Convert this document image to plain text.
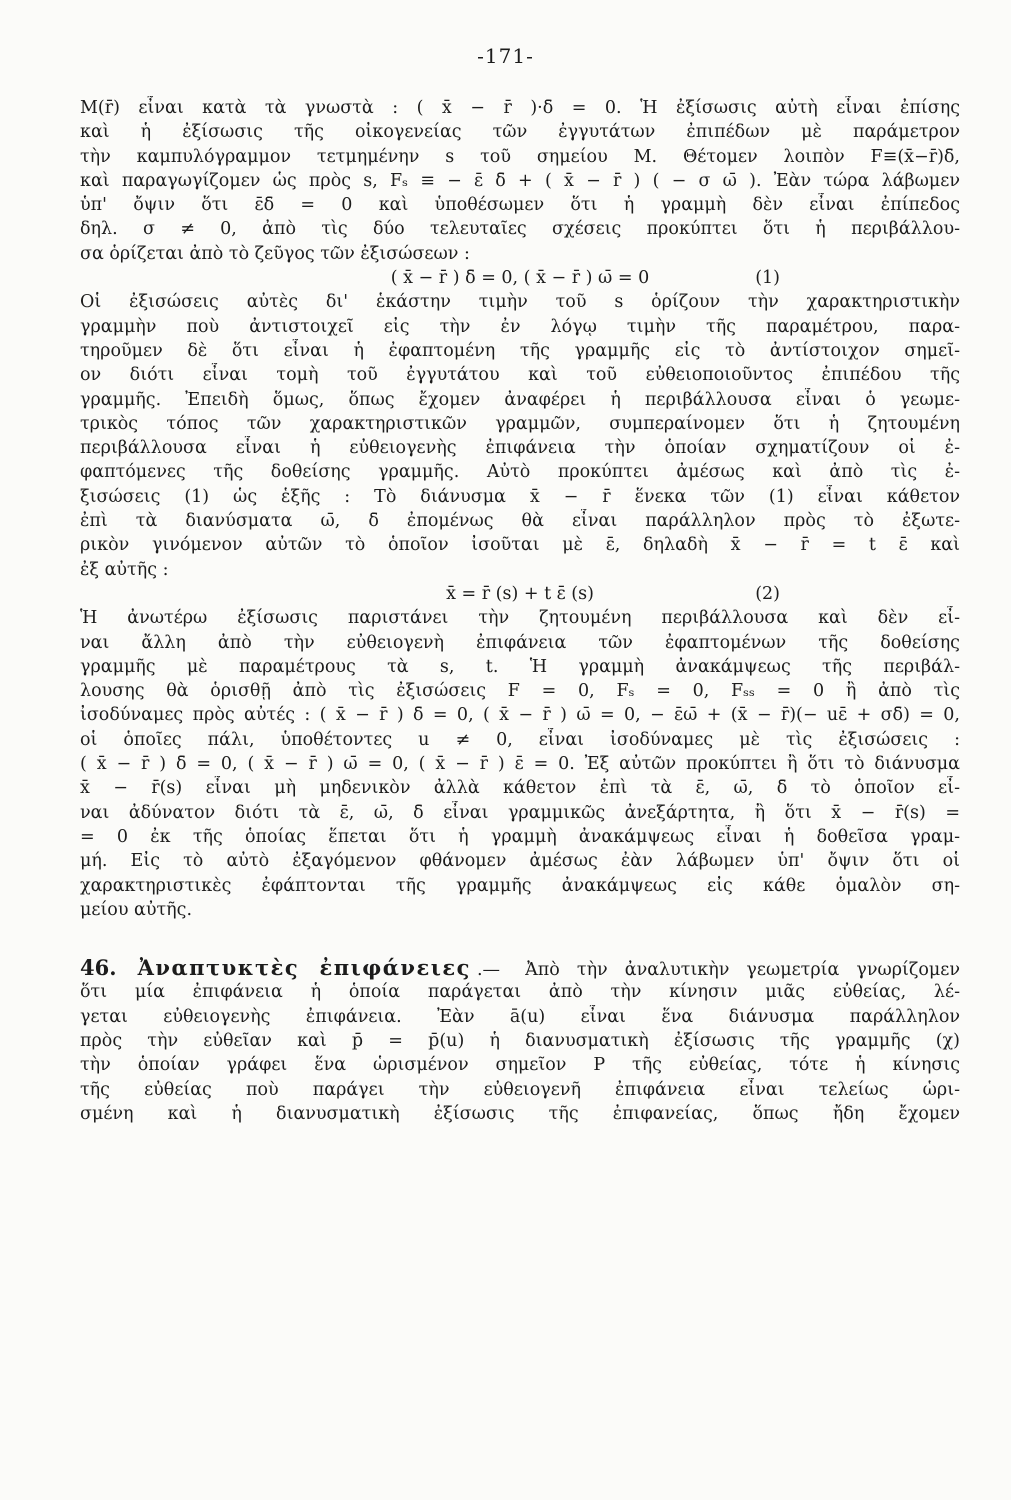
-171-
Μ(r̄) εἶναι κατὰ τὰ γνωστὰ : ( x̄ − r̄ )·δ̄ = 0. Ἡ ἐξίσωσις αὐτὴ εἶναι ἐπίσης
καὶ ἡ ἐξίσωσις τῆς οἰκογενείας τῶν ἐγγυτάτων ἐπιπέδων μὲ παράμετρον
τὴν καμπυλόγραμμον τετμημένην s τοῦ σημείου Μ. Θέτομεν λοιπὸν F≡(x̄−r̄)δ̄,
καὶ παραγωγίζομεν ὡς πρὸς s, Fₛ ≡ − ε̄ δ̄ + ( x̄ − r̄ ) ( − σ ω̄ ). Ἐὰν τώρα λάβωμεν
ὑπ' ὄψιν ὅτι ε̄δ̄ = 0 καὶ ὑποθέσωμεν ὅτι ἡ γραμμὴ δὲν εἶναι ἐπίπεδος
δηλ. σ ≠ 0, ἀπὸ τὶς δύο τελευταῖες σχέσεις προκύπτει ὅτι ἡ περιβάλλου-
σα ὁρίζεται ἀπὸ τὸ ζεῦγος τῶν ἐξισώσεων :
( x̄ − r̄ ) δ̄ = 0, ( x̄ − r̄ ) ω̄ = 0	(1)
Οἱ ἐξισώσεις αὐτὲς δι' ἑκάστην τιμὴν τοῦ s ὁρίζουν τὴν χαρακτηριστικὴν
γραμμὴν ποὺ ἀντιστοιχεῖ εἰς τὴν ἐν λόγῳ τιμὴν τῆς παραμέτρου, παρα-
τηροῦμεν δὲ ὅτι εἶναι ἡ ἐφαπτομένη τῆς γραμμῆς εἰς τὸ ἀντίστοιχον σημεῖ-
ον διότι εἶναι τομὴ τοῦ ἐγγυτάτου καὶ τοῦ εὐθειοποιοῦντος ἐπιπέδου τῆς
γραμμῆς. Ἐπειδὴ ὅμως, ὅπως ἔχομεν ἀναφέρει ἡ περιβάλλουσα εἶναι ὁ γεωμε-
τρικὸς τόπος τῶν χαρακτηριστικῶν γραμμῶν, συμπεραίνομεν ὅτι ἡ ζητουμένη
περιβάλλουσα εἶναι ἡ εὐθειογενὴς ἐπιφάνεια τὴν ὁποίαν σχηματίζουν οἱ ἐ-
φαπτόμενες τῆς δοθείσης γραμμῆς. Αὐτὸ προκύπτει ἀμέσως καὶ ἀπὸ τὶς ἐ-
ξισώσεις (1) ὡς ἑξῆς : Τὸ διάνυσμα x̄ − r̄ ἕνεκα τῶν (1) εἶναι κάθετον
ἐπὶ τὰ διανύσματα ω̄, δ̄ ἐπομένως θὰ εἶναι παράλληλον πρὸς τὸ ἐξωτε-
ρικὸν γινόμενον αὐτῶν τὸ ὁποῖον ἰσοῦται μὲ ε̄, δηλαδὴ x̄ − r̄ = t ε̄ καὶ
ἐξ αὐτῆς :
x̄ = r̄ (s) + t ε̄ (s)	(2)
Ἡ ἀνωτέρω ἐξίσωσις παριστάνει τὴν ζητουμένη περιβάλλουσα καὶ δὲν εἶ-
ναι ἄλλη ἀπὸ τὴν εὐθειογενὴ ἐπιφάνεια τῶν ἐφαπτομένων τῆς δοθείσης
γραμμῆς μὲ παραμέτρους τὰ s, t. Ἡ γραμμὴ ἀνακάμψεως τῆς περιβάλ-
λουσης θὰ ὁρισθῇ ἀπὸ τὶς ἐξισώσεις F = 0, Fₛ = 0, Fₛₛ = 0 ἢ ἀπὸ τὶς
ἰσοδύναμες πρὸς αὐτές : ( x̄ − r̄ ) δ̄ = 0, ( x̄ − r̄ ) ω̄ = 0, − ε̄ω̄ + (x̄ − r̄)(− uε̄ + σδ̄) = 0,
οἱ ὁποῖες πάλι, ὑποθέτοντες u ≠ 0, εἶναι ἰσοδύναμες μὲ τὶς ἐξισώσεις :
( x̄ − r̄ ) δ̄ = 0, ( x̄ − r̄ ) ω̄ = 0, ( x̄ − r̄ ) ε̄ = 0. Ἐξ αὐτῶν προκύπτει ἢ ὅτι τὸ διάνυσμα
x̄ − r̄(s) εἶναι μὴ μηδενικὸν ἀλλὰ κάθετον ἐπὶ τὰ ε̄, ω̄, δ̄ τὸ ὁποῖον εἶ-
ναι ἀδύνατον διότι τὰ ε̄, ω̄, δ̄ εἶναι γραμμικῶς ἀνεξάρτητα, ἢ ὅτι x̄ − r̄(s) =
= 0 ἐκ τῆς ὁποίας ἕπεται ὅτι ἡ γραμμὴ ἀνακάμψεως εἶναι ἡ δοθεῖσα γραμ-
μή. Εἰς τὸ αὐτὸ ἐξαγόμενον φθάνομεν ἀμέσως ἐὰν λάβωμεν ὑπ' ὄψιν ὅτι οἱ
χαρακτηριστικὲς ἐφάπτονται τῆς γραμμῆς ἀνακάμψεως εἰς κάθε ὁμαλὸν ση-
μείου αὐτῆς.
46. Ἀναπτυκτὲς ἐπιφάνειες .— Ἀπὸ τὴν ἀναλυτικὴν γεωμετρία γνωρίζομεν
ὅτι μία ἐπιφάνεια ἡ ὁποία παράγεται ἀπὸ τὴν κίνησιν μιᾶς εὐθείας, λέ-
γεται εὐθειογενὴς ἐπιφάνεια. Ἐὰν ā(u) εἶναι ἕνα διάνυσμα παράλληλον
πρὸς τὴν εὐθεῖαν καὶ p̄ = p̄(u) ἡ διανυσματικὴ ἐξίσωσις τῆς γραμμῆς (χ)
τὴν ὁποίαν γράφει ἕνα ὡρισμένον σημεῖον P τῆς εὐθείας, τότε ἡ κίνησις
τῆς εὐθείας ποὺ παράγει τὴν εὐθειογενῆ ἐπιφάνεια εἶναι τελείως ὡρι-
σμένη καὶ ἡ διανυσματικὴ ἐξίσωσις τῆς ἐπιφανείας, ὅπως ἤδη ἔχομεν
